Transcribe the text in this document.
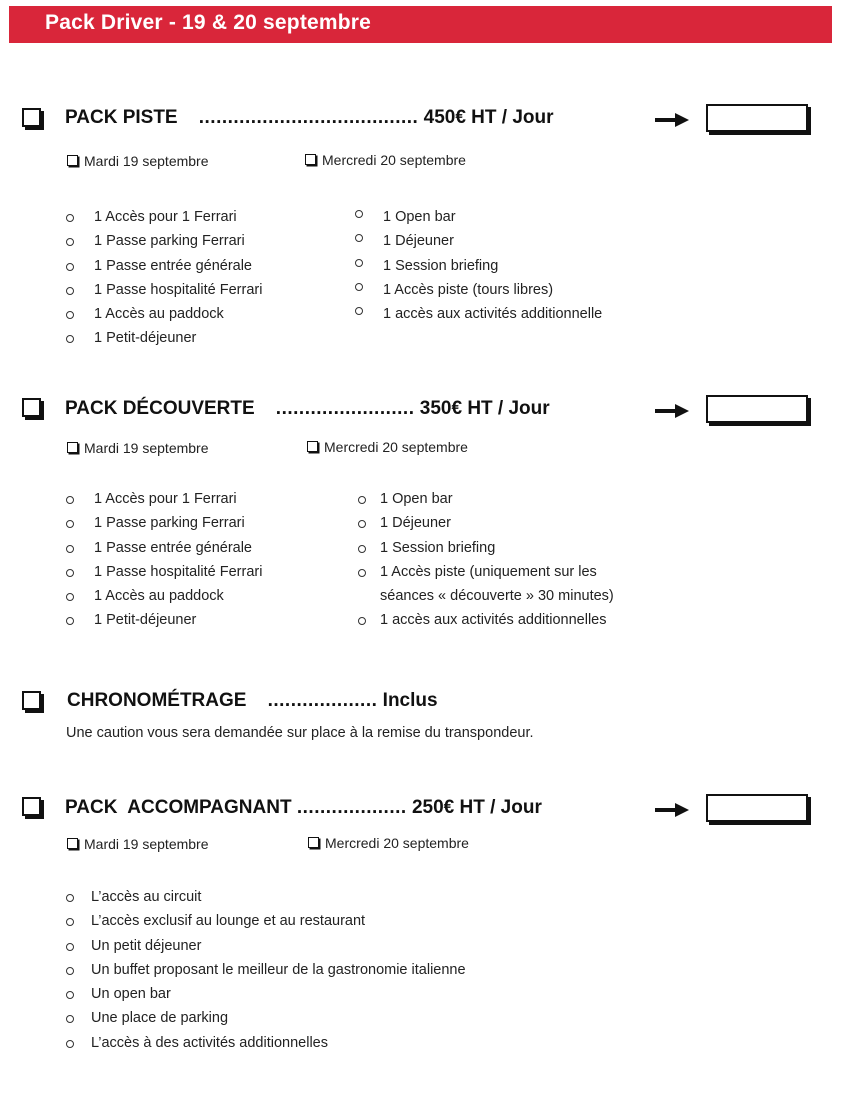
Pack Driver - 19 & 20 septembre
PACK PISTE ...................................... 450€ HT / Jour
Mardi 19 septembre	Mercredi 20 septembre
1 Accès pour 1 Ferrari
1 Passe parking Ferrari
1 Passe entrée générale
1 Passe hospitalité Ferrari
1 Accès au paddock
1 Petit-déjeuner
1 Open bar
1 Déjeuner
1 Session briefing
1 Accès piste (tours libres)
1 accès aux activités additionnelle
PACK DÉCOUVERTE ........................ 350€ HT / Jour
Mardi 19 septembre	Mercredi 20 septembre
1 Accès pour 1 Ferrari
1 Passe parking Ferrari
1 Passe entrée générale
1 Passe hospitalité Ferrari
1 Accès au paddock
1 Petit-déjeuner
1 Open bar
1 Déjeuner
1 Session briefing
1 Accès piste (uniquement sur les
séances « découverte » 30 minutes)
1 accès aux activités additionnelles
CHRONOMÉTRAGE ................... Inclus
Une caution vous sera demandée sur place à la remise du transpondeur.
PACK  ACCOMPAGNANT ................... 250€ HT / Jour
Mardi 19 septembre	Mercredi 20 septembre
L’accès au circuit
L’accès exclusif au lounge et au restaurant
Un petit déjeuner
Un buffet proposant le meilleur de la gastronomie italienne
Un open bar
Une place de parking
L’accès à des activités additionnelles
